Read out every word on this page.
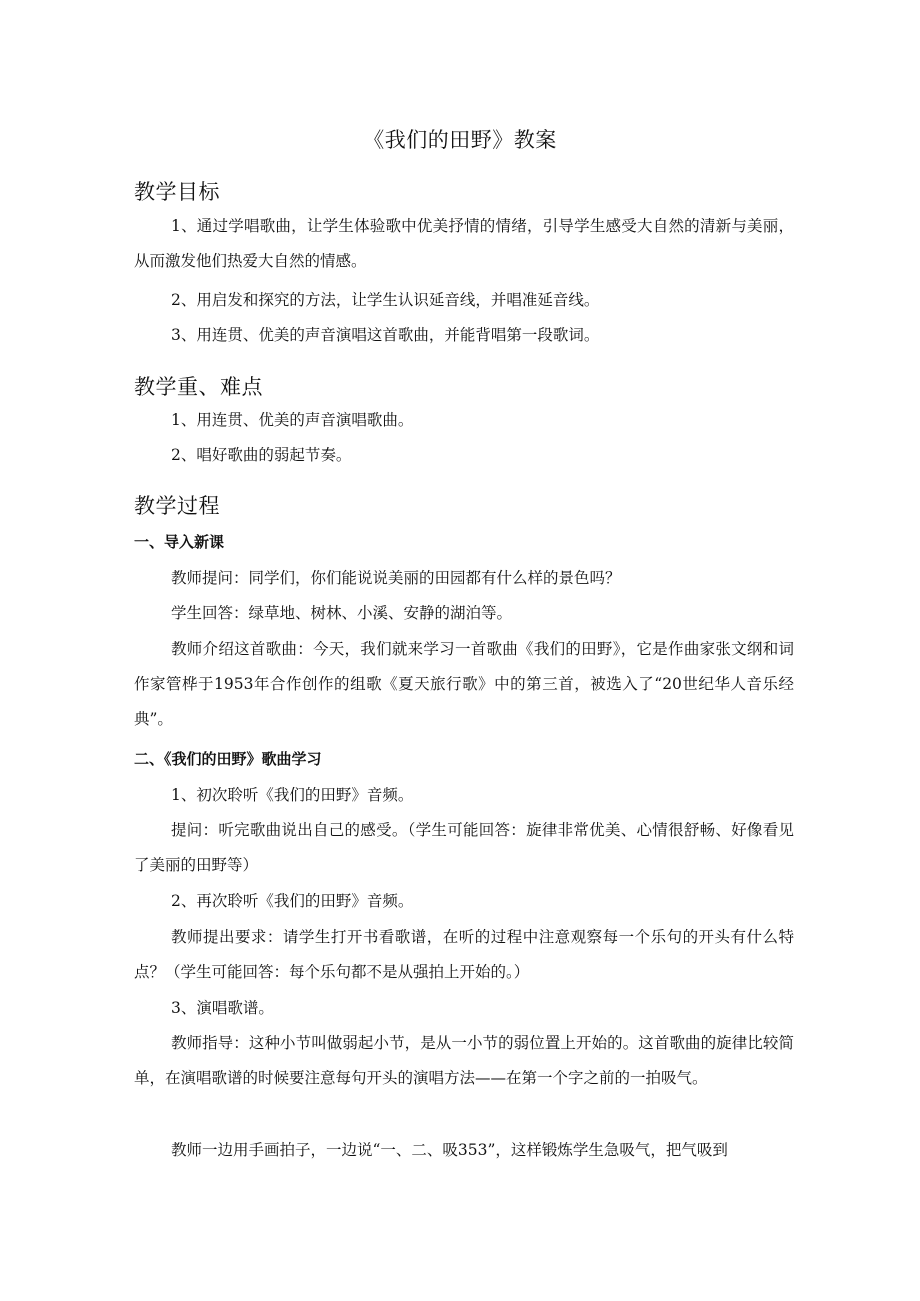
《我们的田野》教案
教学目标

1、通过学唱歌曲，让学生体验歌中优美抒情的情绪，引导学生感受大自然的清新与美丽，从而激发他们热爱大自然的情感。

2、用启发和探究的方法，让学生认识延音线，并唱准延音线。

3、用连贯、优美的声音演唱这首歌曲，并能背唱第一段歌词。

教学重、难点

1、用连贯、优美的声音演唱歌曲。

2、唱好歌曲的弱起节奏。

教学过程
一、导入新课

教师提问：同学们，你们能说说美丽的田园都有什么样的景色吗？

学生回答：绿草地、树林、小溪、安静的湖泊等。

教师介绍这首歌曲：今天，我们就来学习一首歌曲《我们的田野》，它是作曲家张文纲和词作家管桦于1953年合作创作的组歌《夏天旅行歌》中的第三首，被选入了“20世纪华人音乐经典”。

二、《我们的田野》歌曲学习

1、初次聆听《我们的田野》音频。

提问：听完歌曲说出自己的感受。（学生可能回答：旋律非常优美、心情很舒畅、好像看见了美丽的田野等）

2、再次聆听《我们的田野》音频。

教师提出要求：请学生打开书看歌谱，在听的过程中注意观察每一个乐句的开头有什么特点？（学生可能回答：每个乐句都不是从强拍上开始的。）

3、演唱歌谱。

教师指导：这种小节叫做弱起小节，是从一小节的弱位置上开始的。这首歌曲的旋律比较简单，在演唱歌谱的时候要注意每句开头的演唱方法——在第一个字之前的一拍吸气。

教师一边用手画拍子，一边说“一、二、吸353”，这样锻炼学生急吸气，把气吸到
